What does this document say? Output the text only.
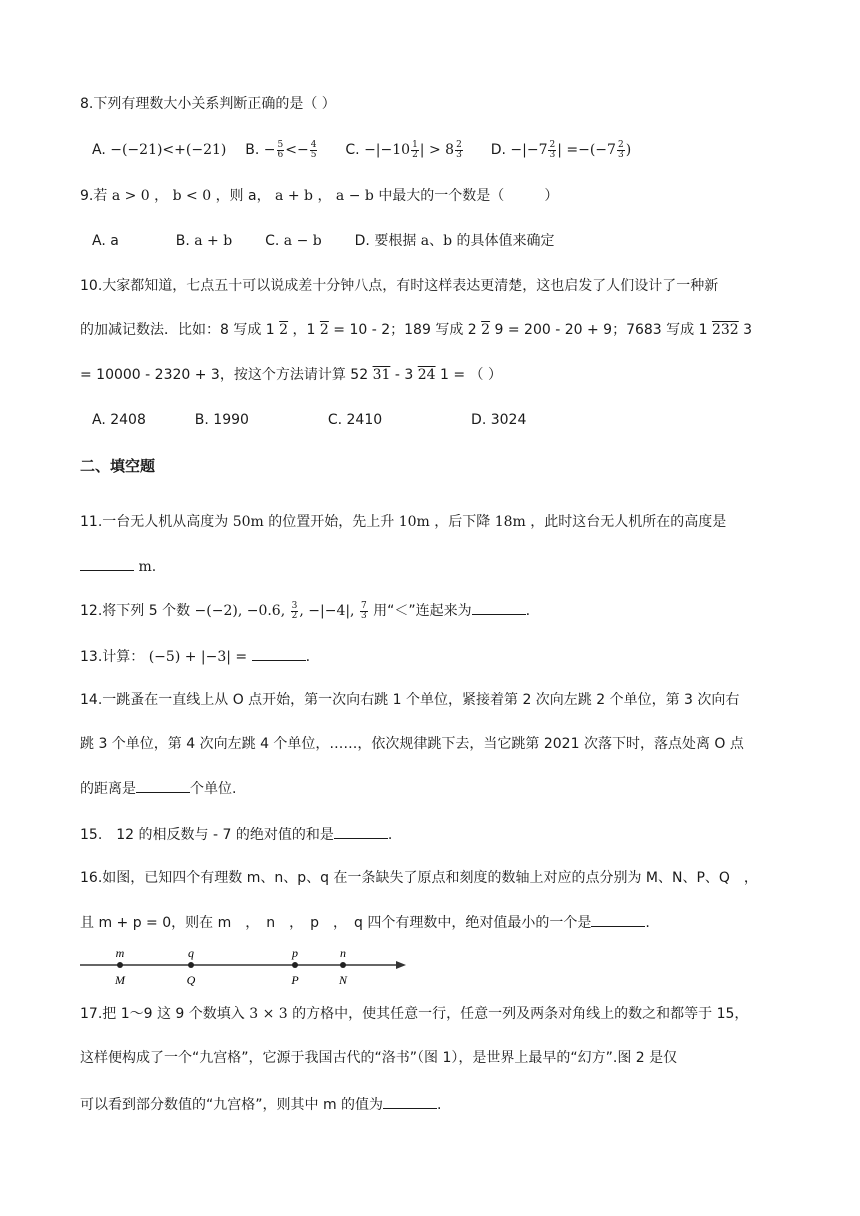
8.下列有理数大小关系判断正确的是（ ）
A. −(−21)<+(−21) B. − $\frac{5}{6} <- \frac{4}{5} C$. $-|-10 \frac{1}{2}$ | > $8 \frac{2}{3} D$. $-|-7 \frac{2}{3}$ | $=-(-7 \frac{2}{3}$ )
9.若 a > 0 ， b < 0 ，则 a， a + b ， a − b 中最大的一个数是（	）
A. a	B. a + b C. a − b D. 要根据 a、b 的具体值来确定
10.大家都知道，七点五十可以说成差十分钟八点，有时这样表达更清楚，这也启发了人们设计了一种新
的加减记数法．比如：8 写成 1 2 ，1 2 = 10 - 2；189 写成 2 2 9 = 200 - 20 + 9；7683 写成 1 232 3
= 10000 - 2320 + 3，按这个方法请计算 52 31 - 3 24 1 = （ ）
A. 2408	B. 1990	C. 2410	D. 3024
二、填空题
11.一台无人机从高度为 50m 的位置开始，先上升 10m ，后下降 18m ，此时这台无人机所在的高度是
m.
12.将下列 5 个数 −(−2), −0.6, $\frac{3}{2}$ , −|−4|, $\frac{7}{3}$ 用“＜”连起来为	.
13.计算： (−5) + |−3| =	.
14.一跳蚤在一直线上从 O 点开始，第一次向右跳 1 个单位，紧接着第 2 次向左跳 2 个单位，第 3 次向右
跳 3 个单位，第 4 次向左跳 4 个单位，……，依次规律跳下去，当它跳第 2021 次落下时，落点处离 O 点
的距离是	个单位.
15.　12 的相反数与 - 7 的绝对值的和是	.
16.如图，已知四个有理数 m、n、p、q 在一条缺失了原点和刻度的数轴上对应的点分别为 M、N、P、Q　，
且 m + p = 0，则在 m　，　n　，　p　，　q 四个有理数中，绝对值最小的一个是	.
m
M
q
Q
p
P
n
N
17.把 1～9 这 9 个数填入 3 × 3 的方格中，使其任意一行，任意一列及两条对角线上的数之和都等于 15，
这样便构成了一个“九宫格”，它源于我国古代的“洛书”（图 1），是世界上最早的“幻方”.图 2 是仅
可以看到部分数值的“九宫格”，则其中 m 的值为	.
